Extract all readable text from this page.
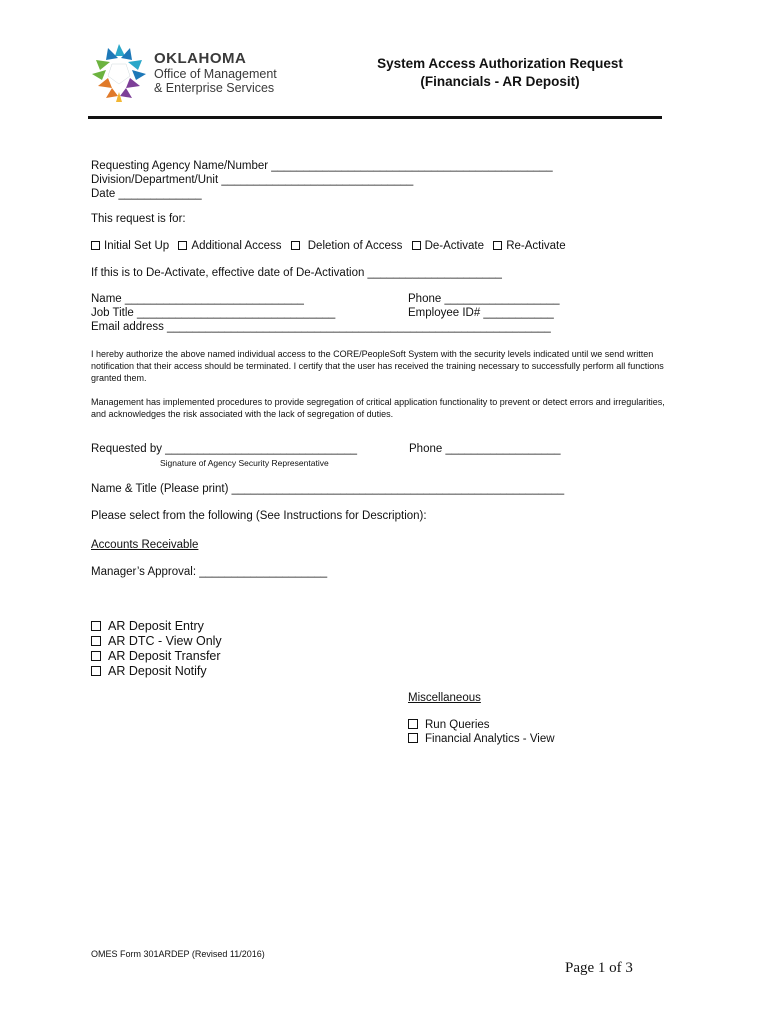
OKLAHOMA
Office of Management
& Enterprise Services
System Access Authorization Request
(Financials - AR Deposit)
Requesting Agency Name/Number ____________________________________________
Division/Department/Unit ______________________________
Date _____________
This request is for:
Initial Set Up Additional Access Deletion of Access De-Activate Re-Activate
If this is to De-Activate, effective date of De-Activation _____________________
Name ____________________________
Job Title _______________________________
Email address ____________________________________________________________
Phone __________________
Employee ID# ___________
I hereby authorize the above named individual access to the CORE/PeopleSoft System with the security levels indicated until we send written notification that their access should be terminated. I certify that the user has received the training necessary to successfully perform all functions granted them.
Management has implemented procedures to provide segregation of critical application functionality to prevent or detect errors and irregularities, and acknowledges the risk associated with the lack of segregation of duties.
Requested by ______________________________	Phone __________________
Signature of Agency Security Representative
Name & Title (Please print) ____________________________________________________
Please select from the following (See Instructions for Description):
Accounts Receivable
Manager’s Approval: ____________________
AR Deposit Entry
AR DTC - View Only
AR Deposit Transfer
AR Deposit Notify
Miscellaneous
Run Queries
Financial Analytics - View
OMES Form 301ARDEP (Revised 11/2016)
Page 1 of 3
